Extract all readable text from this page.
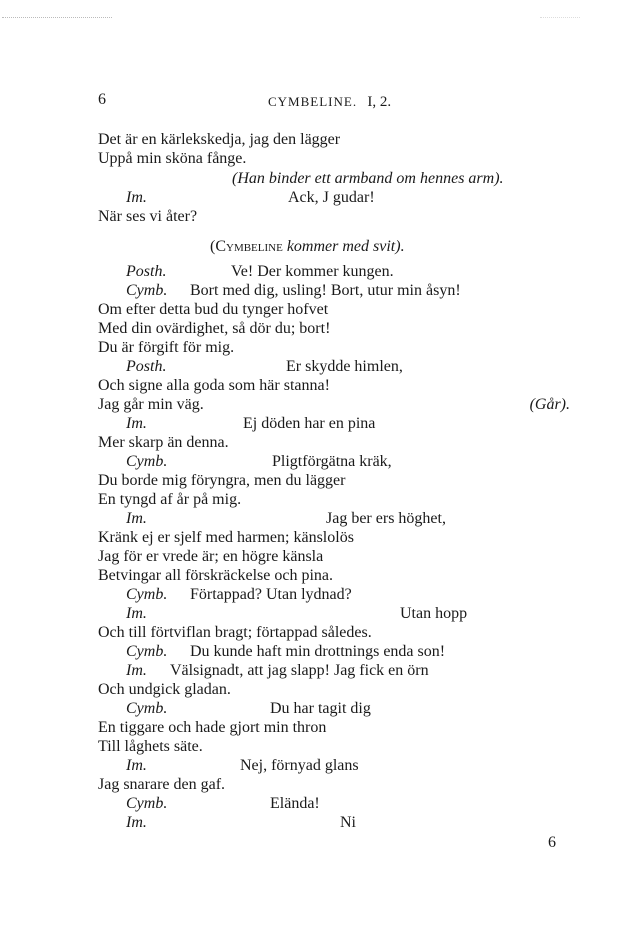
6	CYMBELINE. I, 2.
Det är en kärlekskedja, jag den lägger
Uppå min sköna fånge.
(Han binder ett armband om hennes arm).
Im.	Ack, J gudar!
När ses vi åter?
(Cymbeline kommer med svit).
Posth.	Ve! Der kommer kungen.
Cymb. Bort med dig, usling! Bort, utur min åsyn!
Om efter detta bud du tynger hofvet
Med din ovärdighet, så dör du; bort!
Du är förgift för mig.
Posth.	Er skydde himlen,
Och signe alla goda som här stanna!
Jag går min väg.	(Går).
Im.	Ej döden har en pina
Mer skarp än denna.
Cymb.	Pligtförgätna kräk,
Du borde mig föryngra, men du lägger
En tyngd af år på mig.
Im.	Jag ber ers höghet,
Kränk ej er sjelf med harmen; känslolös
Jag för er vrede är; en högre känsla
Betvingar all förskräckelse och pina.
Cymb. Förtappad? Utan lydnad?
Im.	Utan hopp
Och till förtviflan bragt; förtappad således.
Cymb. Du kunde haft min drottnings enda son!
Im. Välsignadt, att jag slapp! Jag fick en örn
Och undgick gladan.
Cymb.	Du har tagit dig
En tiggare och hade gjort min thron
Till låghets säte.
Im.	Nej, förnyad glans
Jag snarare den gaf.
Cymb.	Elända!
Im.	Ni
6
